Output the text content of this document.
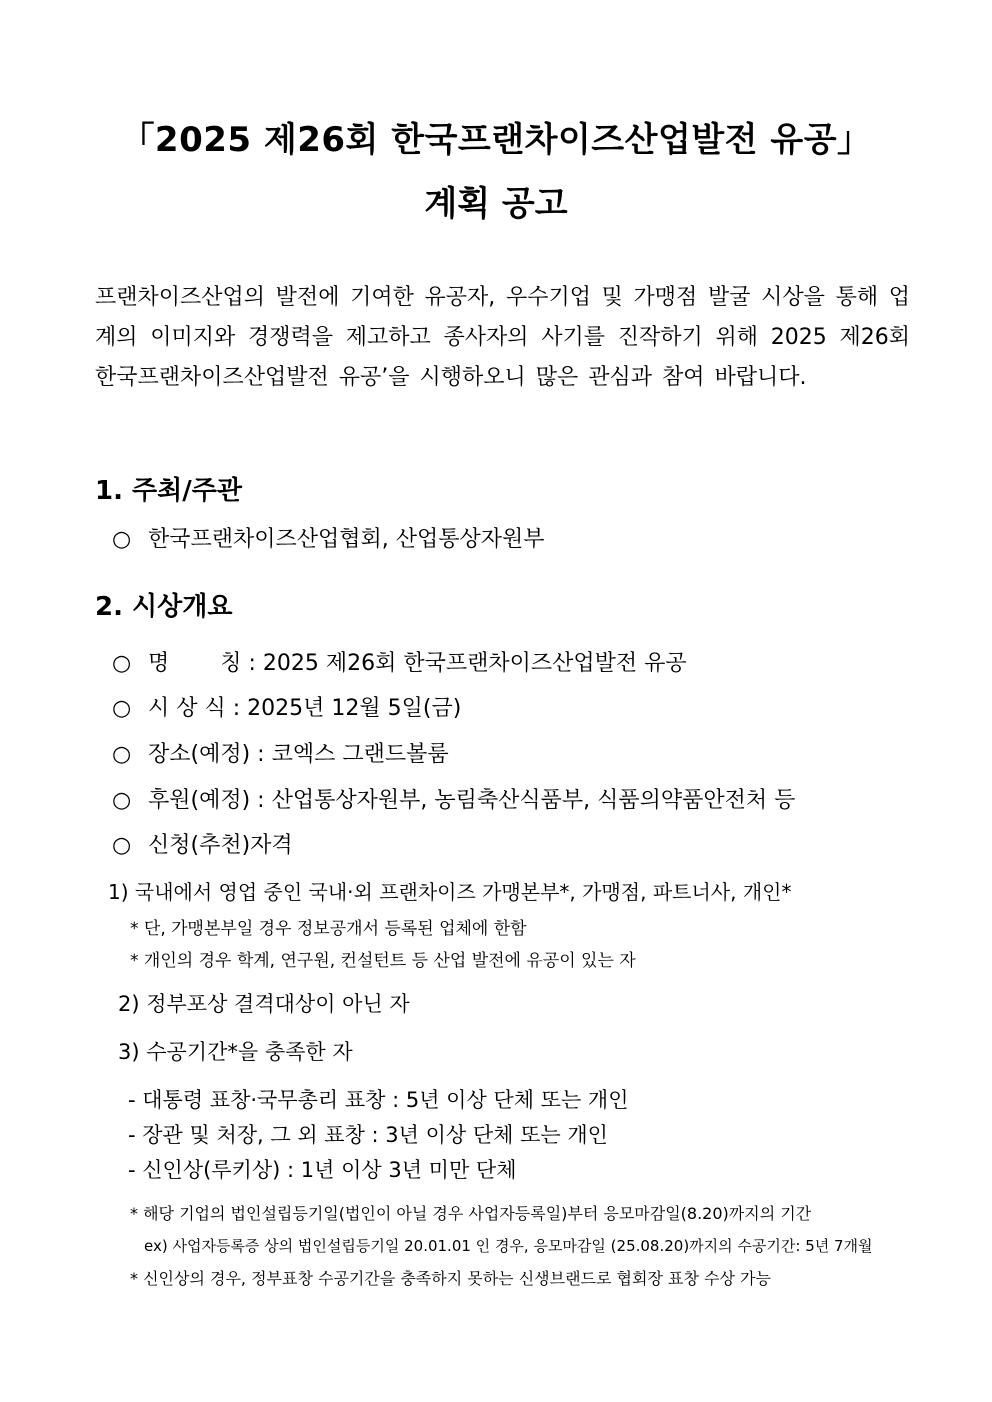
「2025 제26회 한국프랜차이즈산업발전 유공」
계획 공고
프랜차이즈산업의 발전에 기여한 유공자, 우수기업 및 가맹점 발굴 시상을 통해 업계의 이미지와 경쟁력을 제고하고 종사자의 사기를 진작하기 위해 2025 제26회 한국프랜차이즈산업발전 유공’을 시행하오니 많은 관심과 참여 바랍니다.
1. 주최/주관
○ 한국프랜차이즈산업협회, 산업통상자원부
2. 시상개요
○ 명　　 칭 : 2025 제26회 한국프랜차이즈산업발전 유공
○ 시 상 식 : 2025년 12월 5일(금)
○ 장소(예정) : 코엑스 그랜드볼룸
○ 후원(예정) : 산업통상자원부, 농림축산식품부, 식품의약품안전처 등
○ 신청(추천)자격
1) 국내에서 영업 중인 국내·외 프랜차이즈 가맹본부*, 가맹점, 파트너사, 개인*
* 단, 가맹본부일 경우 정보공개서 등록된 업체에 한함
* 개인의 경우 학계, 연구원, 컨설턴트 등 산업 발전에 유공이 있는 자
2) 정부포상 결격대상이 아닌 자
3) 수공기간*을 충족한 자
- 대통령 표창·국무총리 표창 : 5년 이상 단체 또는 개인
- 장관 및 처장, 그 외 표창 : 3년 이상 단체 또는 개인
- 신인상(루키상) : 1년 이상 3년 미만 단체
* 해당 기업의 법인설립등기일(법인이 아닐 경우 사업자등록일)부터 응모마감일(8.20)까지의 기간
ex) 사업자등록증 상의 법인설립등기일 20.01.01 인 경우, 응모마감일 (25.08.20)까지의 수공기간: 5년 7개월
* 신인상의 경우, 정부표창 수공기간을 충족하지 못하는 신생브랜드로 협회장 표창 수상 가능
